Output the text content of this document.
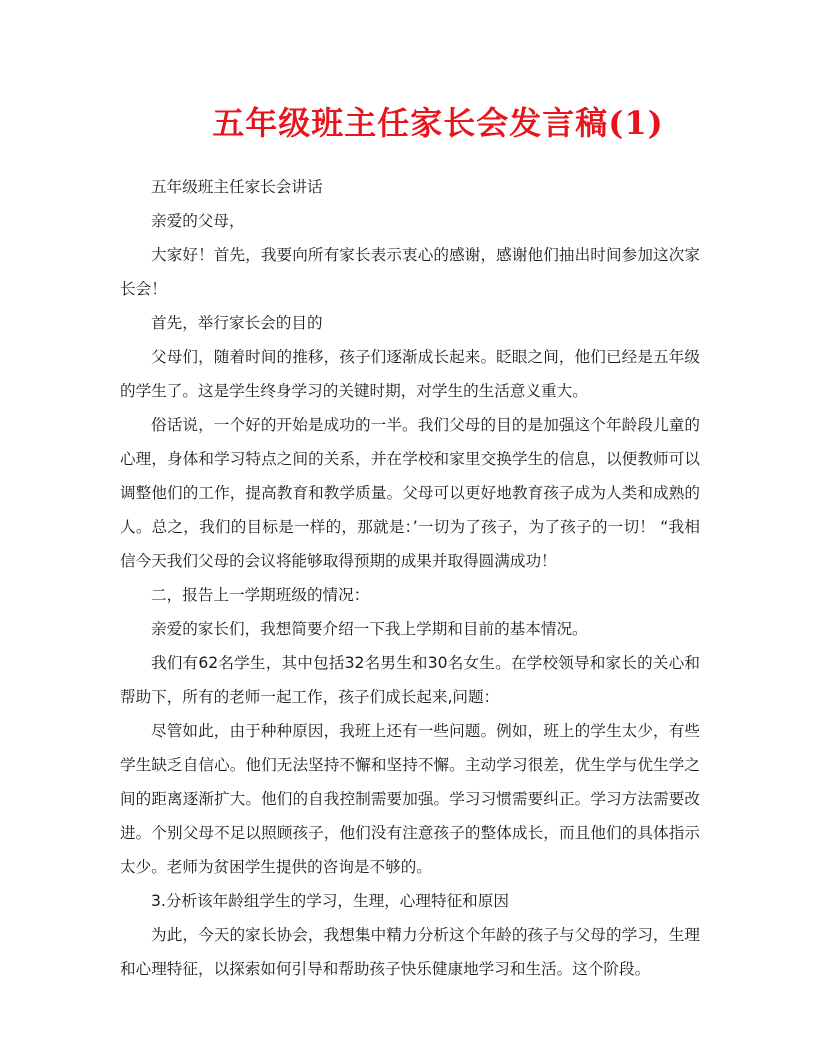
五年级班主任家长会发言稿(1)

五年级班主任家长会讲话

亲爱的父母，

大家好！首先，我要向所有家长表示衷心的感谢，感谢他们抽出时间参加这次家长会！

首先，举行家长会的目的

父母们，随着时间的推移，孩子们逐渐成长起来。眨眼之间，他们已经是五年级的学生了。这是学生终身学习的关键时期，对学生的生活意义重大。

俗话说，一个好的开始是成功的一半。我们父母的目的是加强这个年龄段儿童的心理，身体和学习特点之间的关系，并在学校和家里交换学生的信息，以便教师可以调整他们的工作，提高教育和教学质量。父母可以更好地教育孩子成为人类和成熟的人。总之，我们的目标是一样的，那就是：’一切为了孩子，为了孩子的一切！ “我相信今天我们父母的会议将能够取得预期的成果并取得圆满成功！

二，报告上一学期班级的情况：

亲爱的家长们，我想简要介绍一下我上学期和目前的基本情况。

我们有62名学生，其中包括32名男生和30名女生。在学校领导和家长的关心和帮助下，所有的老师一起工作，孩子们成长起来,问题：

尽管如此，由于种种原因，我班上还有一些问题。例如，班上的学生太少，有些学生缺乏自信心。他们无法坚持不懈和坚持不懈。主动学习很差，优生学与优生学之间的距离逐渐扩大。他们的自我控制需要加强。学习习惯需要纠正。学习方法需要改进。个别父母不足以照顾孩子，他们没有注意孩子的整体成长，而且他们的具体指示太少。老师为贫困学生提供的咨询是不够的。

3.分析该年龄组学生的学习，生理，心理特征和原因

为此，今天的家长协会，我想集中精力分析这个年龄的孩子与父母的学习，生理和心理特征，以探索如何引导和帮助孩子快乐健康地学习和生活。这个阶段。
